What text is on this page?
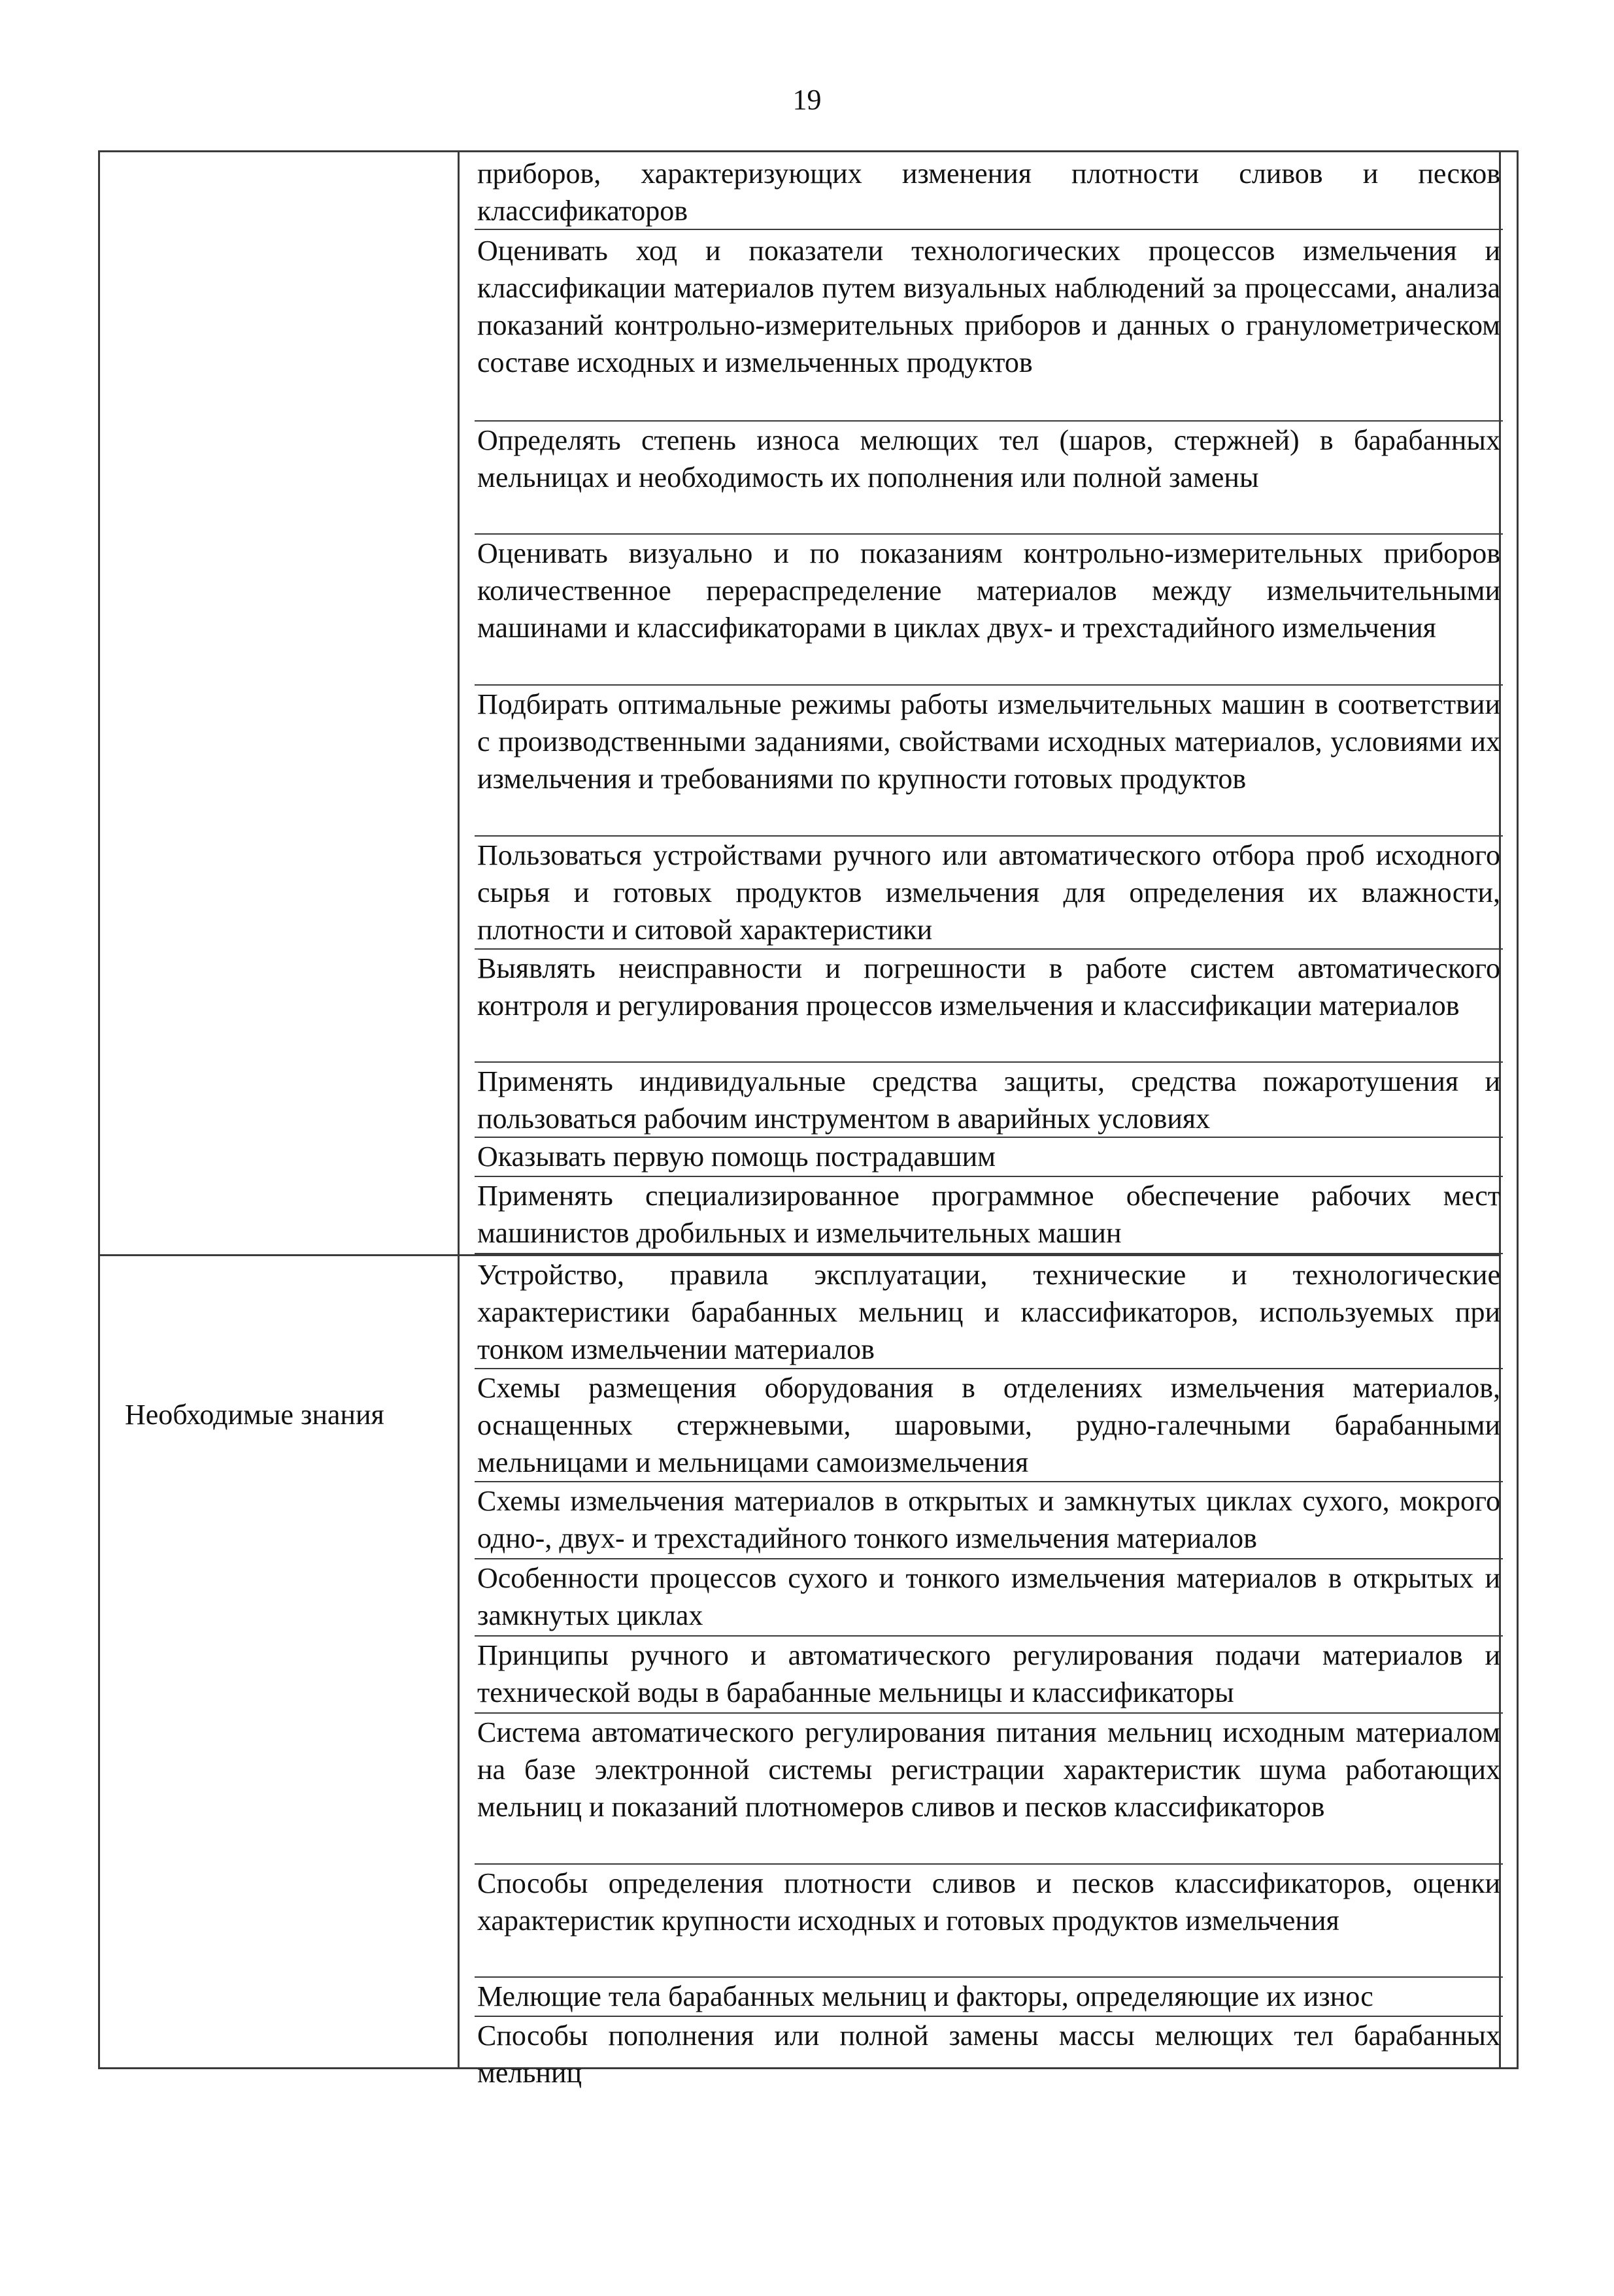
19
Необходимые знания
приборов, характеризующих изменения плотности сливов и песков классификаторов
Оценивать ход и показатели технологических процессов измельчения и классификации материалов путем визуальных наблюдений за процессами, анализа показаний контрольно-измерительных приборов и данных о гранулометрическом составе исходных и измельченных продуктов
Определять степень износа мелющих тел (шаров, стержней) в барабанных мельницах и необходимость их пополнения или полной замены
Оценивать визуально и по показаниям контрольно-измерительных приборов количественное перераспределение материалов между измельчительными машинами и классификаторами в циклах двух- и трехстадийного измельчения
Подбирать оптимальные режимы работы измельчительных машин в соответствии с производственными заданиями, свойствами исходных материалов, условиями их измельчения и требованиями по крупности готовых продуктов
Пользоваться устройствами ручного или автоматического отбора проб исходного сырья и готовых продуктов измельчения для определения их влажности, плотности и ситовой характеристики
Выявлять неисправности и погрешности в работе систем автоматического контроля и регулирования процессов измельчения и классификации материалов
Применять индивидуальные средства защиты, средства пожаротушения и пользоваться рабочим инструментом в аварийных условиях
Оказывать первую помощь пострадавшим
Применять специализированное программное обеспечение рабочих мест машинистов дробильных и измельчительных машин
Устройство, правила эксплуатации, технические и технологические характеристики барабанных мельниц и классификаторов, используемых при тонком измельчении материалов
Схемы размещения оборудования в отделениях измельчения материалов, оснащенных стержневыми, шаровыми, рудно-галечными барабанными мельницами и мельницами самоизмельчения
Схемы измельчения материалов в открытых и замкнутых циклах сухого, мокрого одно-, двух- и трехстадийного тонкого измельчения материалов
Особенности процессов сухого и тонкого измельчения материалов в открытых и замкнутых циклах
Принципы ручного и автоматического регулирования подачи материалов и технической воды в барабанные мельницы и классификаторы
Система автоматического регулирования питания мельниц исходным материалом на базе электронной системы регистрации характеристик шума работающих мельниц и показаний плотномеров сливов и песков классификаторов
Способы определения плотности сливов и песков классификаторов, оценки характеристик крупности исходных и готовых продуктов измельчения
Мелющие тела барабанных мельниц и факторы, определяющие их износ
Способы пополнения или полной замены массы мелющих тел барабанных мельниц
